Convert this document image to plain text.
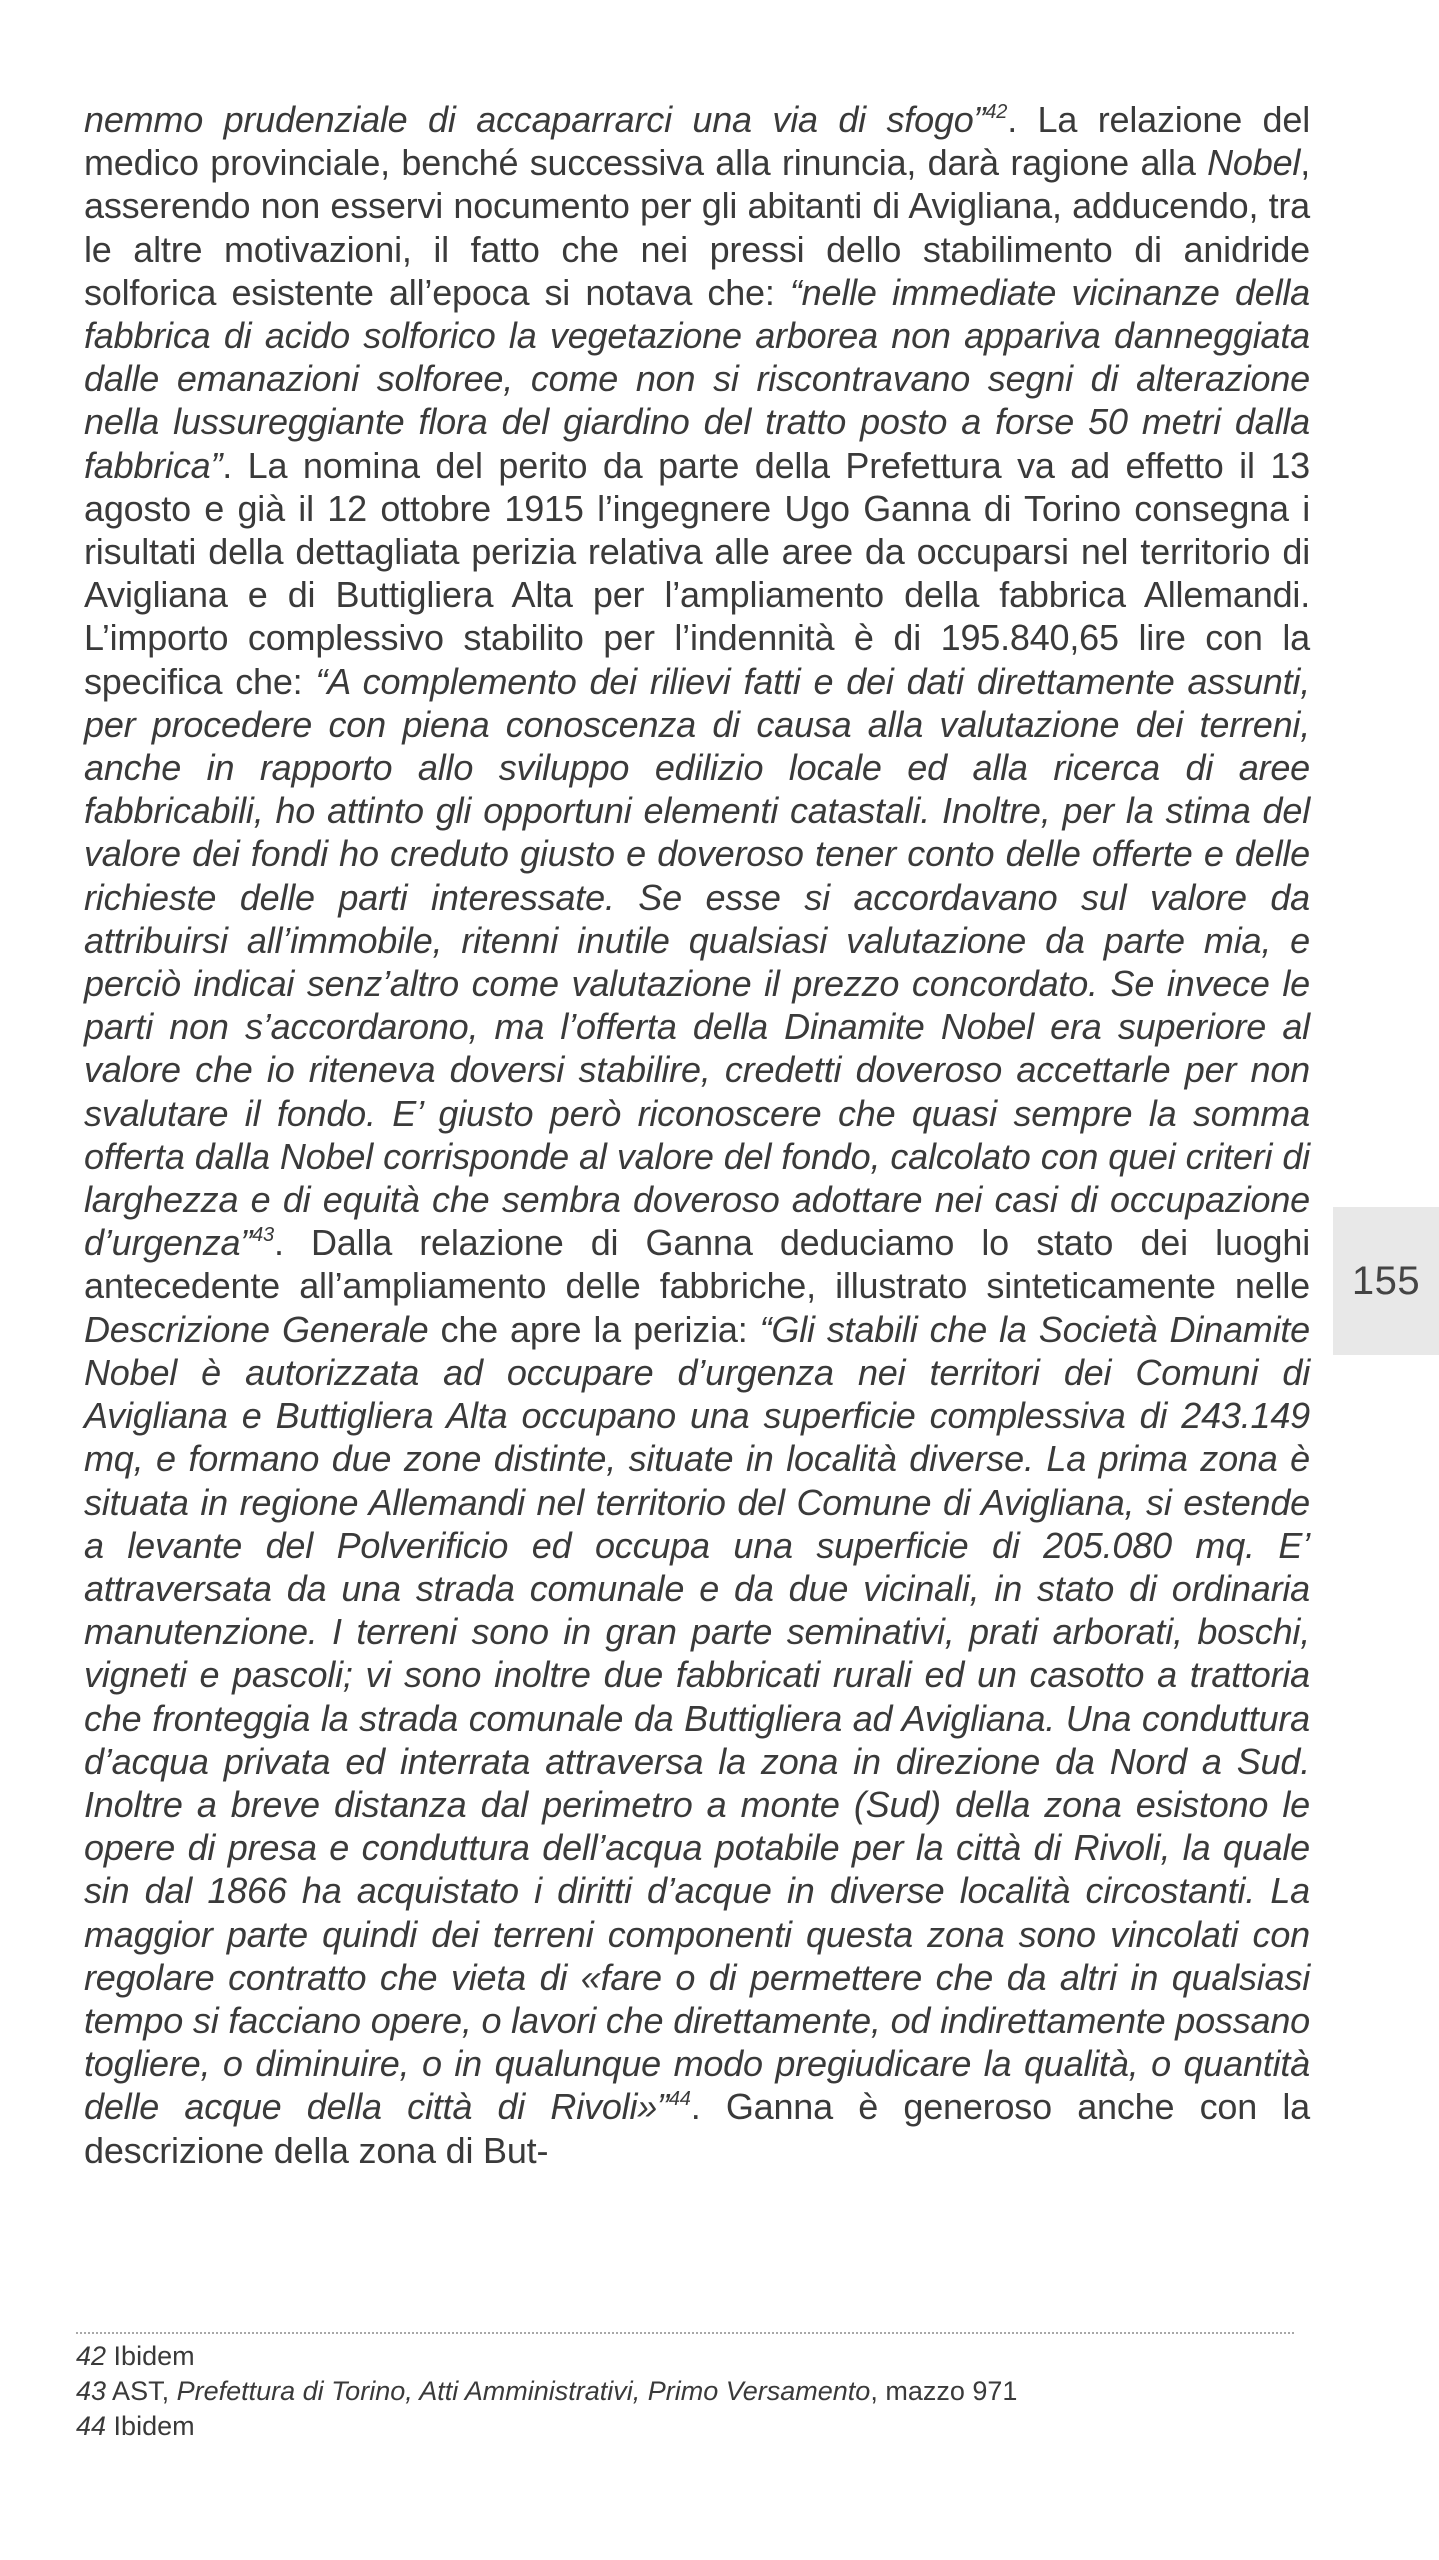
nemmo prudenziale di accaparrarci una via di sfogo”$^{42}$. La relazione del medico provinciale, benché successiva alla rinuncia, darà ragione alla Nobel, asserendo non esservi nocumento per gli abitanti di Avigliana, adducendo, tra le altre motivazioni, il fatto che nei pressi dello stabilimento di anidride solforica esistente all’epoca si notava che: “nelle immediate vicinanze della fabbrica di acido solforico la vegetazione arborea non appariva danneggiata dalle emanazioni solforee, come non si riscontravano segni di alterazione nella lussureggiante flora del giardino del tratto posto a forse 50 metri dalla fabbrica”. La nomina del perito da parte della Prefettura va ad effetto il 13 agosto e già il 12 ottobre 1915 l’ingegnere Ugo Ganna di Torino consegna i risultati della dettagliata perizia relativa alle aree da occuparsi nel territorio di Avigliana e di Buttigliera Alta per l’ampliamento della fabbrica Allemandi. L’importo complessivo stabilito per l’indennità è di 195.840,65 lire con la specifica che: “A complemento dei rilievi fatti e dei dati direttamente assunti, per procedere con piena conoscenza di causa alla valutazione dei terreni, anche in rapporto allo sviluppo edilizio locale ed alla ricerca di aree fabbricabili, ho attinto gli opportuni elementi catastali. Inoltre, per la stima del valore dei fondi ho creduto giusto e doveroso tener conto delle offerte e delle richieste delle parti interessate. Se esse si accordavano sul valore da attribuirsi all’immobile, ritenni inutile qualsiasi valutazione da parte mia, e perciò indicai senz’altro come valutazione il prezzo concordato. Se invece le parti non s’accordarono, ma l’offerta della Dinamite Nobel era superiore al valore che io riteneva doversi stabilire, credetti doveroso accettarle per non svalutare il fondo. E’ giusto però riconoscere che quasi sempre la somma offerta dalla Nobel corrisponde al valore del fondo, calcolato con quei criteri di larghezza e di equità che sembra doveroso adottare nei casi di occupazione d’urgenza”$^{43}$. Dalla relazione di Ganna deduciamo lo stato dei luoghi antecedente all’ampliamento delle fabbriche, illustrato sinteticamente nelle Descrizione Generale che apre la perizia: “Gli stabili che la Società Dinamite Nobel è autorizzata ad occupare d’urgenza nei territori dei Comuni di Avigliana e Buttigliera Alta occupano una superficie complessiva di 243.149 mq, e formano due zone distinte, situate in località diverse. La prima zona è situata in regione Allemandi nel territorio del Comune di Avigliana, si estende a levante del Polverificio ed occupa una superficie di 205.080 mq. E’ attraversata da una strada comunale e da due vicinali, in stato di ordinaria manutenzione. I terreni sono in gran parte seminativi, prati arborati, boschi, vigneti e pascoli; vi sono inoltre due fabbricati rurali ed un casotto a trattoria che fronteggia la strada comunale da Buttigliera ad Avigliana. Una conduttura d’acqua privata ed interrata attraversa la zona in direzione da Nord a Sud. Inoltre a breve distanza dal perimetro a monte (Sud) della zona esistono le opere di presa e conduttura dell’acqua potabile per la città di Rivoli, la quale sin dal 1866 ha acquistato i diritti d’acque in diverse località circostanti. La maggior parte quindi dei terreni componenti questa zona sono vincolati con regolare contratto che vieta di «fare o di permettere che da altri in qualsiasi tempo si facciano opere, o lavori che direttamente, od indirettamente possano togliere, o diminuire, o in qualunque modo pregiudicare la qualità, o quantità delle acque della città di Rivoli»”$^{44}$. Ganna è generoso anche con la descrizione della zona di But-

42 Ibidem

43 AST, Prefettura di Torino, Atti Amministrativi, Primo Versamento, mazzo 971

44 Ibidem

155
